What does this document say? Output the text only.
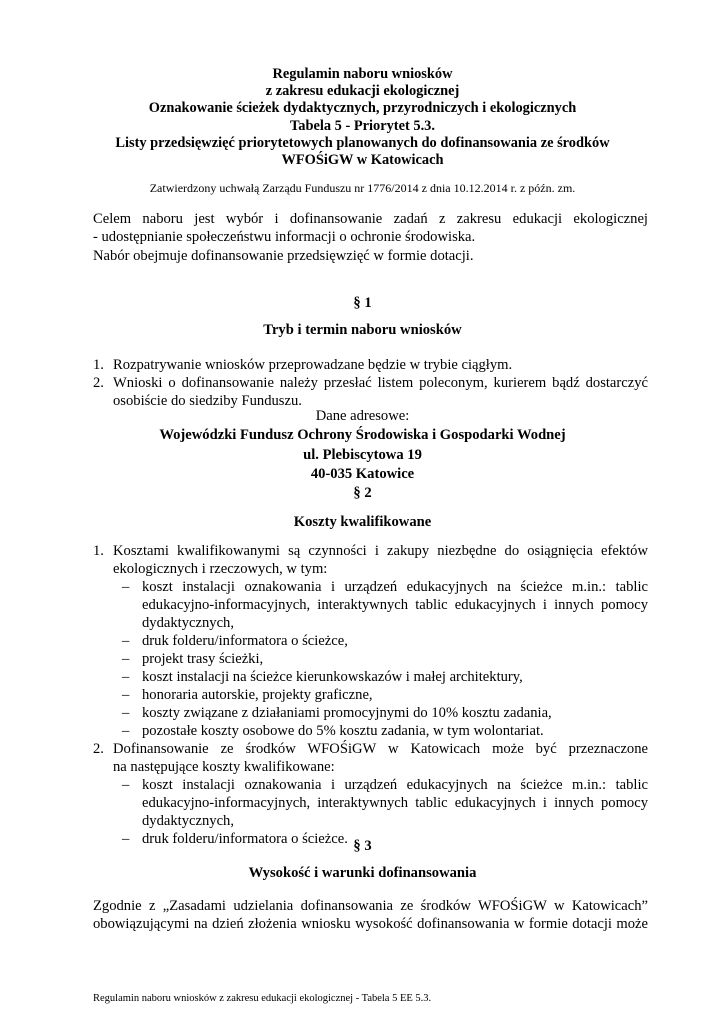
Regulamin naboru wniosków

z zakresu edukacji ekologicznej

Oznakowanie ścieżek dydaktycznych, przyrodniczych i ekologicznych

Tabela 5 - Priorytet 5.3.

Listy przedsięwzięć priorytetowych planowanych do dofinansowania ze środków

WFOŚiGW w Katowicach

Zatwierdzony uchwałą Zarządu Funduszu nr 1776/2014 z dnia 10.12.2014 r. z późn. zm.

Celem naboru jest wybór i dofinansowanie zadań z zakresu edukacji ekologicznej

- udostępnianie społeczeństwu informacji o ochronie środowiska.

Nabór obejmuje dofinansowanie przedsięwzięć w formie dotacji.

§ 1
Tryb i termin naboru wniosków
1. Rozpatrywanie wniosków przeprowadzane będzie w trybie ciągłym.

2. Wnioski o dofinansowanie należy przesłać listem poleconym, kurierem bądź dostarczyć

osobiście do siedziby Funduszu.

Dane adresowe:
Wojewódzki Fundusz Ochrony Środowiska i Gospodarki Wodnej
ul. Plebiscytowa 19
40-035 Katowice
§ 2
Koszty kwalifikowane
1. Kosztami kwalifikowanymi są czynności i zakupy niezbędne do osiągnięcia efektów

ekologicznych i rzeczowych, w tym:

– koszt instalacji oznakowania i urządzeń edukacyjnych na ścieżce m.in.: tablic

edukacyjno-informacyjnych, interaktywnych tablic edukacyjnych i innych pomocy

dydaktycznych,

– druk folderu/informatora o ścieżce,

– projekt trasy ścieżki,

– koszt instalacji na ścieżce kierunkowskazów i małej architektury,

– honoraria autorskie, projekty graficzne,

– koszty związane z działaniami promocyjnymi do 10% kosztu zadania,

– pozostałe koszty osobowe do 5% kosztu zadania, w tym wolontariat.

2. Dofinansowanie ze środków WFOŚiGW w Katowicach może być przeznaczone

na następujące koszty kwalifikowane:

– koszt instalacji oznakowania i urządzeń edukacyjnych na ścieżce m.in.: tablic

edukacyjno-informacyjnych, interaktywnych tablic edukacyjnych i innych pomocy

dydaktycznych,

– druk folderu/informatora o ścieżce. § 3
Wysokość i warunki dofinansowania

Zgodnie z „Zasadami udzielania dofinansowania ze środków WFOŚiGW w Katowicach”

obowiązującymi na dzień złożenia wniosku wysokość dofinansowania w formie dotacji może

Regulamin naboru wniosków z zakresu edukacji ekologicznej - Tabela 5 EE 5.3.
